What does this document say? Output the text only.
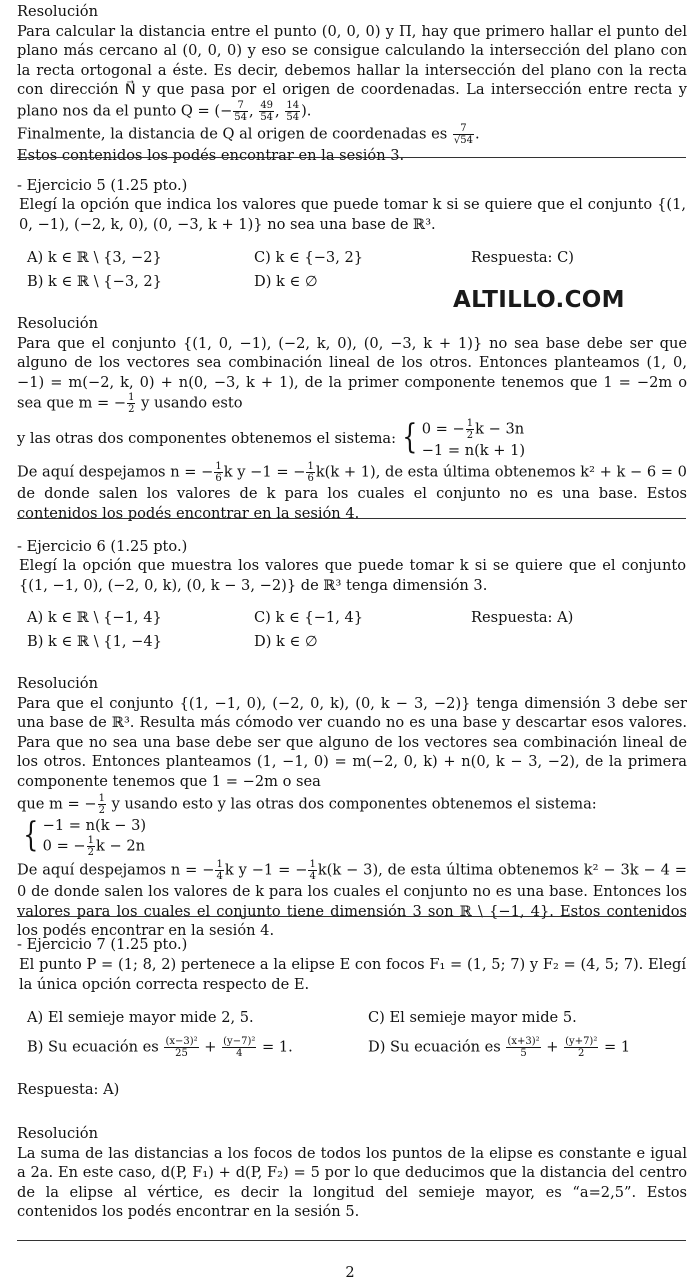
Resolución

Para calcular la distancia entre el punto (0, 0, 0) y Π, hay que primero hallar el punto del plano más cercano al (0, 0, 0) y eso se consigue calculando la intersección del plano con la recta ortogonal a éste. Es decir, debemos hallar la intersección del plano con la recta con dirección N⃗ y que pasa por el origen de coordenadas. La intersección entre recta y plano nos da el punto Q = (− $\frac{7}{54}$ , $\frac{49}{54}$ , $\frac{14}{54}$ ).

Finalmente, la distancia de Q al origen de coordenadas es $\frac{7}{√54}$ .

Estos contenidos los podés encontrar en la sesión 3.

- Ejercicio 5 (1.25 pto.)
Elegí la opción que indica los valores que puede tomar k si se quiere que el conjunto {(1, 0, −1), (−2, k, 0), (0, −3, k + 1)} no sea una base de ℝ³.
A) k ∈ ℝ \ {3, −2}	C) k ∈ {−3, 2}	Respuesta: C)
B) k ∈ ℝ \ {−3, 2}	D) k ∈ ∅
ALTILLO.COM

Resolución

Para que el conjunto {(1, 0, −1), (−2, k, 0), (0, −3, k + 1)} no sea base debe ser que alguno de los vectores sea combinación lineal de los otros. Entonces planteamos (1, 0, −1) = m(−2, k, 0) + n(0, −3, k + 1), de la primer componente tenemos que 1 = −2m o sea que m = − $\frac{1}{2}$ y usando esto

y las otras dos componentes obtenemos el sistema: { 0 = − $\frac{1}{2}$ k − 3n
−1 = n(k + 1)

De aquí despejamos n = − $\frac{1}{6}$ k y −1 = − $\frac{1}{6} k(k + 1)$, de esta última obtenemos k² + k − 6 = 0 de donde salen los valores de k para los cuales el conjunto no es una base. Estos contenidos los podés encontrar en la sesión 4.

- Ejercicio 6 (1.25 pto.)
Elegí la opción que muestra los valores que puede tomar k si se quiere que el conjunto {(1, −1, 0), (−2, 0, k), (0, k − 3, −2)} de ℝ³ tenga dimensión 3.
A) k ∈ ℝ \ {−1, 4}	C) k ∈ {−1, 4}	Respuesta: A)
B) k ∈ ℝ \ {1, −4}	D) k ∈ ∅

Resolución

Para que el conjunto {(1, −1, 0), (−2, 0, k), (0, k − 3, −2)} tenga dimensión 3 debe ser una base de ℝ³. Resulta más cómodo ver cuando no es una base y descartar esos valores. Para que no sea una base debe ser que alguno de los vectores sea combinación lineal de los otros. Entonces planteamos (1, −1, 0) = m(−2, 0, k) + n(0, k − 3, −2), de la primera componente tenemos que 1 = −2m o sea

que m = − $\frac{1}{2}$ y usando esto y las otras dos componentes obtenemos el sistema:
{ −1 = n(k − 3)
0 = − $\frac{1}{2}$ k − 2n

De aquí despejamos n = − $\frac{1}{4}$ k y −1 = − $\frac{1}{4} k(k - 3)$, de esta última obtenemos k² − 3k − 4 = 0 de donde salen los valores de k para los cuales el conjunto no es una base. Entonces los valores para los cuales el conjunto tiene dimensión 3 son ℝ \ {−1, 4}. Estos contenidos los podés encontrar en la sesión 4.

- Ejercicio 7 (1.25 pto.)
El punto P = (1; 8, 2) pertenece a la elipse E con focos F₁ = (1, 5; 7) y F₂ = (4, 5; 7). Elegí la única opción correcta respecto de E.
A) El semieje mayor mide 2, 5.	C) El semieje mayor mide 5.
B) Su ecuación es $\frac{\text{(x−3)²}}{25} + \frac{\text{(y−7)²}}{4} = 1$.	D) Su ecuación es $\frac{\text{(x+3)²}}{5} + \frac{\text{(y+7)²}}{2} = 1$
Respuesta: A)

Resolución

La suma de las distancias a los focos de todos los puntos de la elipse es constante e igual a 2a. En este caso, d(P, F₁) + d(P, F₂) = 5 por lo que deducimos que la distancia del centro de la elipse al vértice, es decir la longitud del semieje mayor, es “a=2,5”. Estos contenidos los podés encontrar en la sesión 5.

2
